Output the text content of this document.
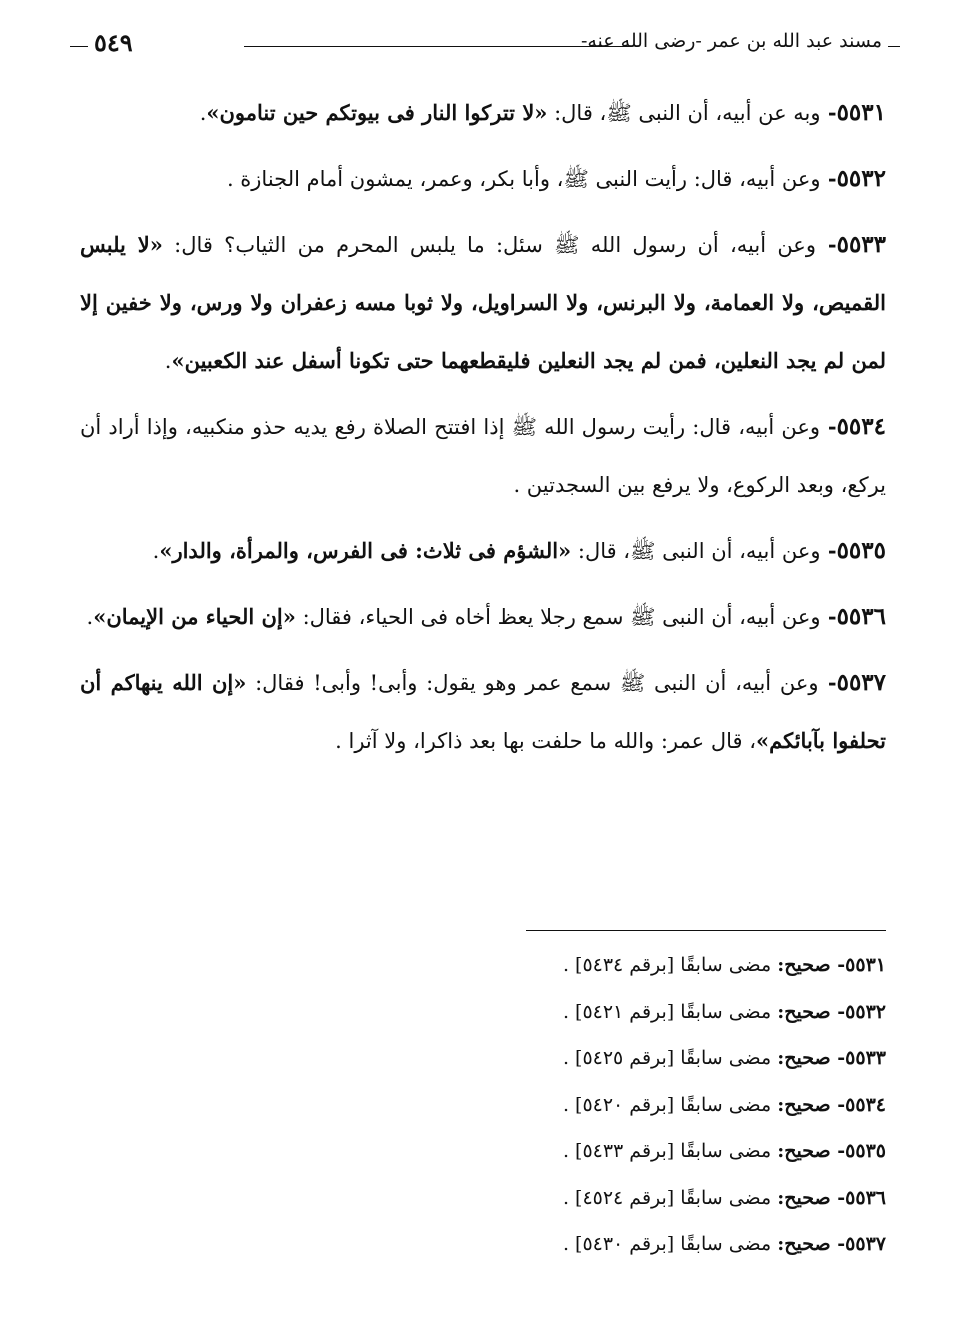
مسند عبد الله بن عمر -رضى الله عنه-
٥٤٩

٥٥٣١- وبه عن أبيه، أن النبى ﷺ، قال: «لا تتركوا النار فى بيوتكم حين تنامون».

٥٥٣٢- وعن أبيه، قال: رأيت النبى ﷺ، وأبا بكر، وعمر، يمشون أمام الجنازة .

٥٥٣٣- وعن أبيه، أن رسول الله ﷺ سئل: ما يلبس المحرم من الثياب؟ قال: «لا يلبس القميص، ولا العمامة، ولا البرنس، ولا السراويل، ولا ثوبا مسه زعفران ولا ورس، ولا خفين إلا لمن لم يجد النعلين، فمن لم يجد النعلين فليقطعهما حتى تكونا أسفل عند الكعبين».

٥٥٣٤- وعن أبيه، قال: رأيت رسول الله ﷺ إذا افتتح الصلاة رفع يديه حذو منكبيه، وإذا أراد أن يركع، وبعد الركوع، ولا يرفع بين السجدتين .

٥٥٣٥- وعن أبيه، أن النبى ﷺ، قال: «الشؤم فى ثلاث: فى الفرس، والمرأة، والدار».

٥٥٣٦- وعن أبيه، أن النبى ﷺ سمع رجلا يعظ أخاه فى الحياء، فقال: «إن الحياء من الإيمان».

٥٥٣٧- وعن أبيه، أن النبى ﷺ سمع عمر وهو يقول: وأبى! وأبى! فقال: «إن الله ينهاكم أن تحلفوا بآبائكم»، قال عمر: والله ما حلفت بها بعد ذاكرا، ولا آثرا .

٥٥٣١- صحيح: مضى سابقًا [برقم ٥٤٣٤] .
٥٥٣٢- صحيح: مضى سابقًا [برقم ٥٤٢١] .
٥٥٣٣- صحيح: مضى سابقًا [برقم ٥٤٢٥] .
٥٥٣٤- صحيح: مضى سابقًا [برقم ٥٤٢٠] .
٥٥٣٥- صحيح: مضى سابقًا [برقم ٥٤٣٣] .
٥٥٣٦- صحيح: مضى سابقًا [برقم ٤٥٢٤] .
٥٥٣٧- صحيح: مضى سابقًا [برقم ٥٤٣٠] .
